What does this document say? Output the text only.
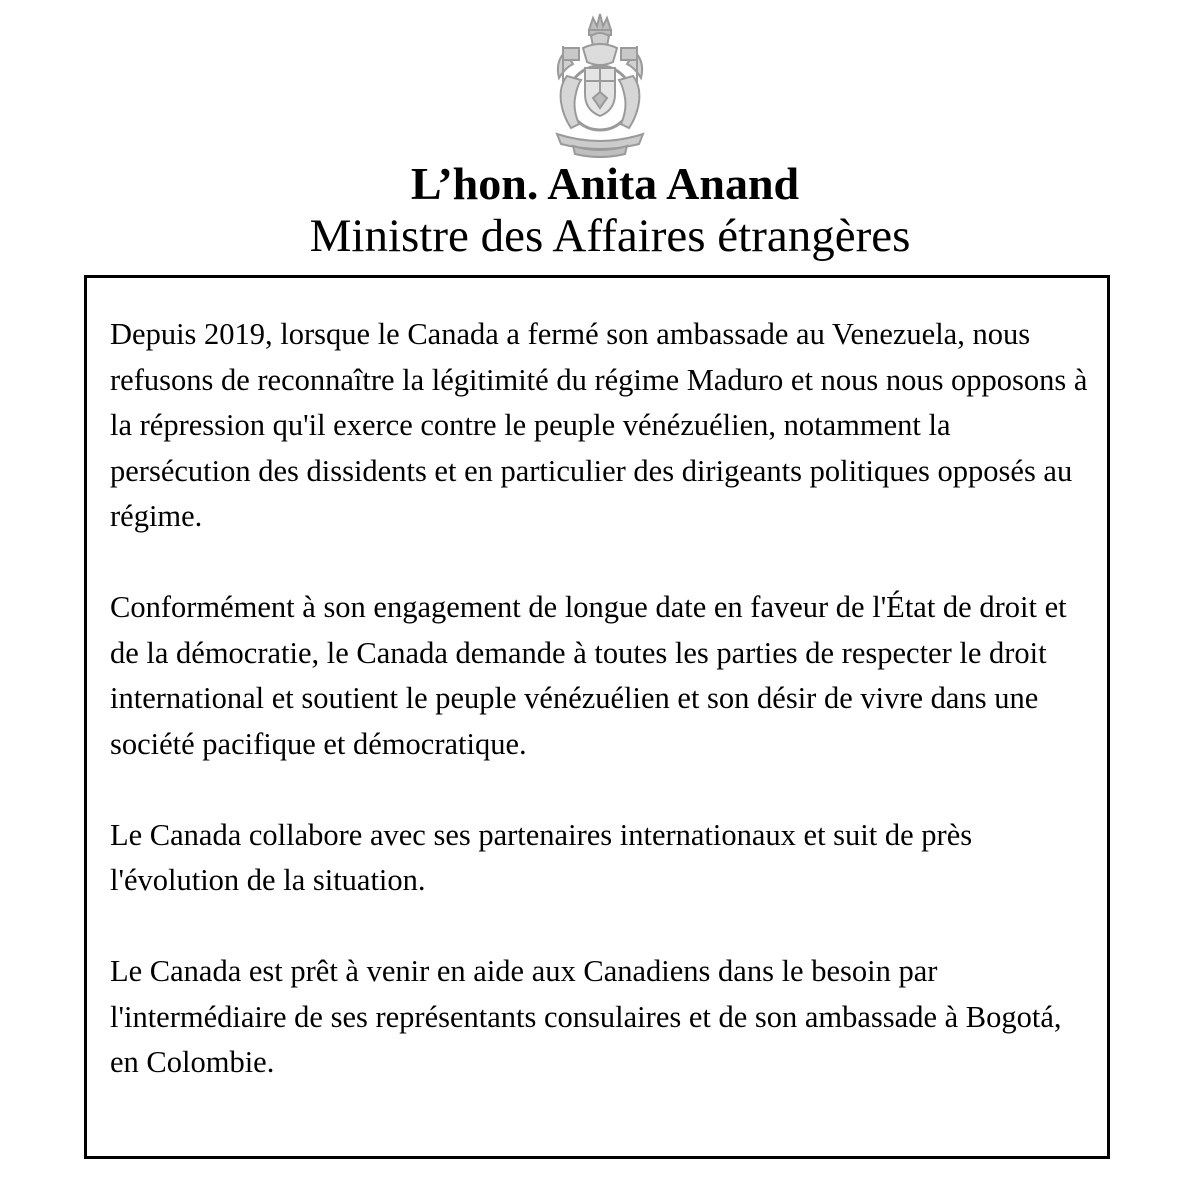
L’hon. Anita Anand
Ministre des Affaires étrangères

Depuis 2019, lorsque le Canada a fermé son ambassade au Venezuela, nous refusons de reconnaître la légitimité du régime Maduro et nous nous opposons à la répression qu'il exerce contre le peuple vénézuélien, notamment la persécution des dissidents et en particulier des dirigeants politiques opposés au régime.

Conformément à son engagement de longue date en faveur de l'État de droit et de la démocratie, le Canada demande à toutes les parties de respecter le droit international et soutient le peuple vénézuélien et son désir de vivre dans une société pacifique et démocratique.

Le Canada collabore avec ses partenaires internationaux et suit de près l'évolution de la situation.

Le Canada est prêt à venir en aide aux Canadiens dans le besoin par l'intermédiaire de ses représentants consulaires et de son ambassade à Bogotá, en Colombie.
